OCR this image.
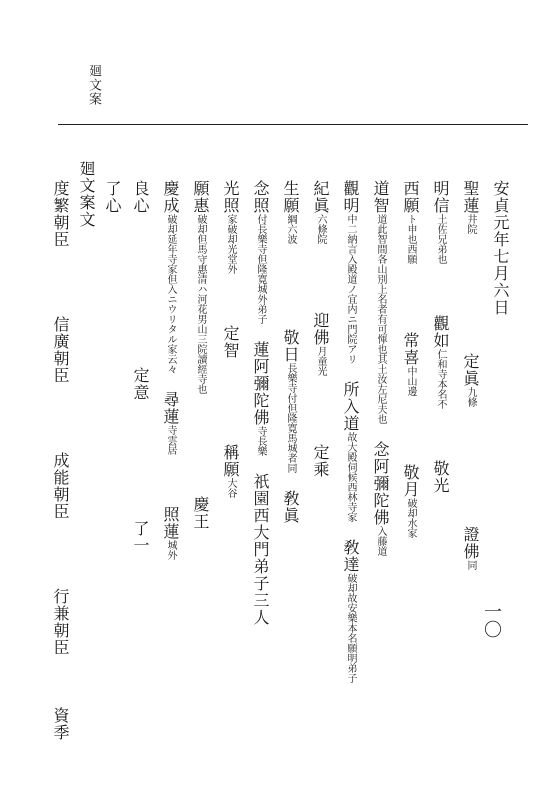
廻文案
一〇
安貞元年七月六日
聖蓮井院　　　　　　　定眞九條　　　　　　　證佛同
明信土佐兄弟也　　　觀如仁和寺本名不　　　敬光
西願ト申也西願　　　　常喜中山邊　　　　敬月破却水家
道智道此智間各山別上名者有可惲也其土汝左尼夫也　念阿彌陀佛入藤道
觀明中二納言入殿道ノ宜内ニ門院アリ　所入道故大殿伺候西林寺家　敎達破却故安樂本名願明弟子
紀眞六條院　　　　迎佛月童光　　　　定乘
生願綱六波　　　　　敬日長樂寺付但隆寛馬城者同　敎眞
念照付長樂寺但隆寛城外弟子　蓮阿彌陀佛寺長樂　祇園西大門弟子三人
光照家破却光堂外　　　定智　　　　　稱願大谷
願惠破却但馬守惠清ハ河花男山三院讀經寺也　　　　　　慶王
慶成破却延年寺家但入ニウリタル家云々　尋蓮寺雲居　　　照蓮城外
良心　　　　　　　　　定意　　　　　　　了一
了心
廻文案文
度繁朝臣　　　　信廣朝臣　　　　成能朝臣　　　　行兼朝臣　　　資季
